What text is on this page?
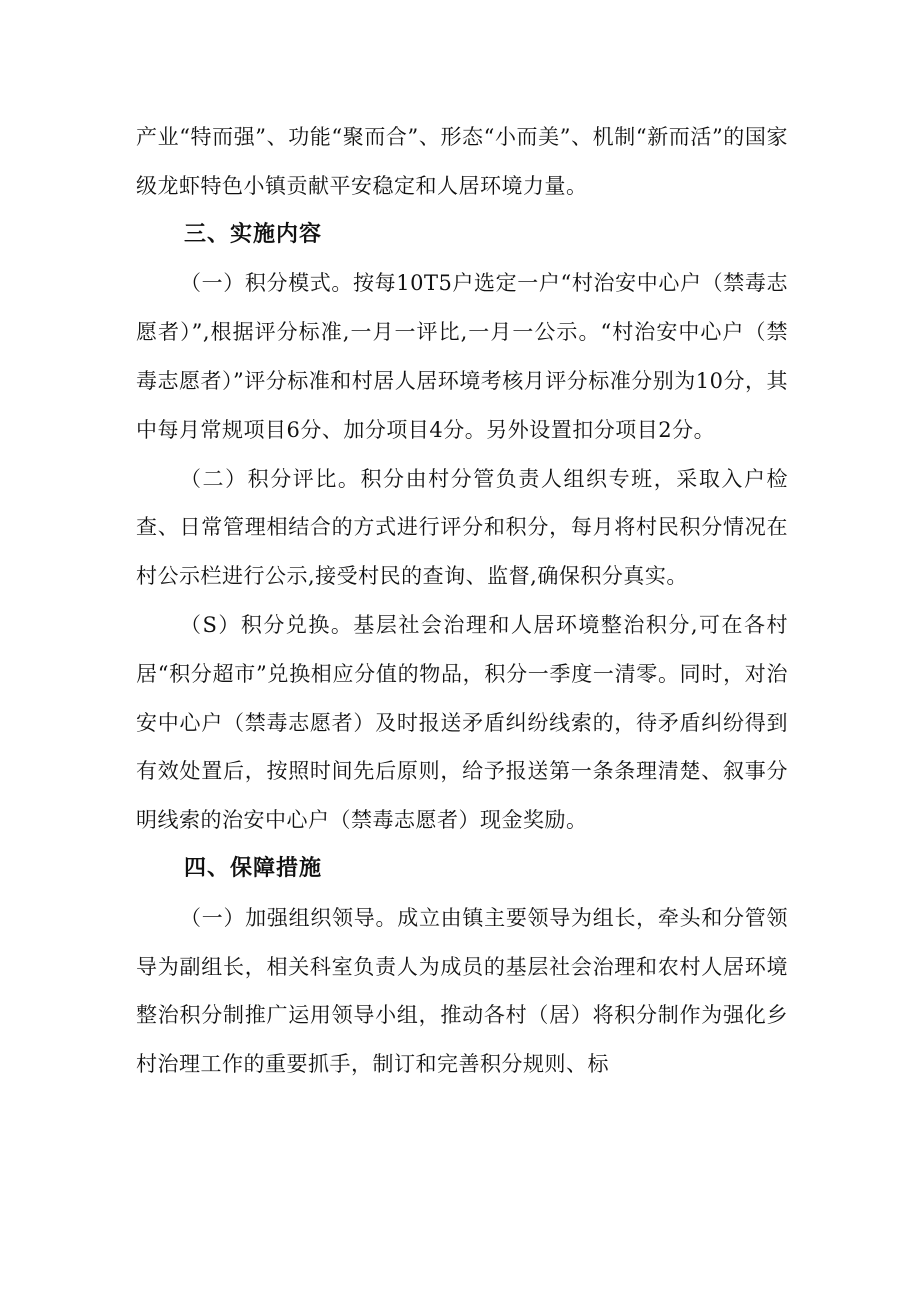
产业“特而强”、功能“聚而合”、形态“小而美”、机制“新而活”的国家级龙虾特色小镇贡献平安稳定和人居环境力量。

三、实施内容

（一）积分模式。按每10T5户选定一户“村治安中心户（禁毒志愿者）”,根据评分标准,一月一评比,一月一公示。“村治安中心户（禁毒志愿者）”评分标准和村居人居环境考核月评分标准分别为10分，其中每月常规项目6分、加分项目4分。另外设置扣分项目2分。

（二）积分评比。积分由村分管负责人组织专班，采取入户检查、日常管理相结合的方式进行评分和积分，每月将村民积分情况在村公示栏进行公示,接受村民的查询、监督,确保积分真实。

（S）积分兑换。基层社会治理和人居环境整治积分,可在各村居“积分超市”兑换相应分值的物品，积分一季度一清零。同时，对治安中心户（禁毒志愿者）及时报送矛盾纠纷线索的，待矛盾纠纷得到有效处置后，按照时间先后原则，给予报送第一条条理清楚、叙事分明线索的治安中心户（禁毒志愿者）现金奖励。

四、保障措施

（一）加强组织领导。成立由镇主要领导为组长，牵头和分管领导为副组长，相关科室负责人为成员的基层社会治理和农村人居环境整治积分制推广运用领导小组，推动各村（居）将积分制作为强化乡村治理工作的重要抓手，制订和完善积分规则、标
